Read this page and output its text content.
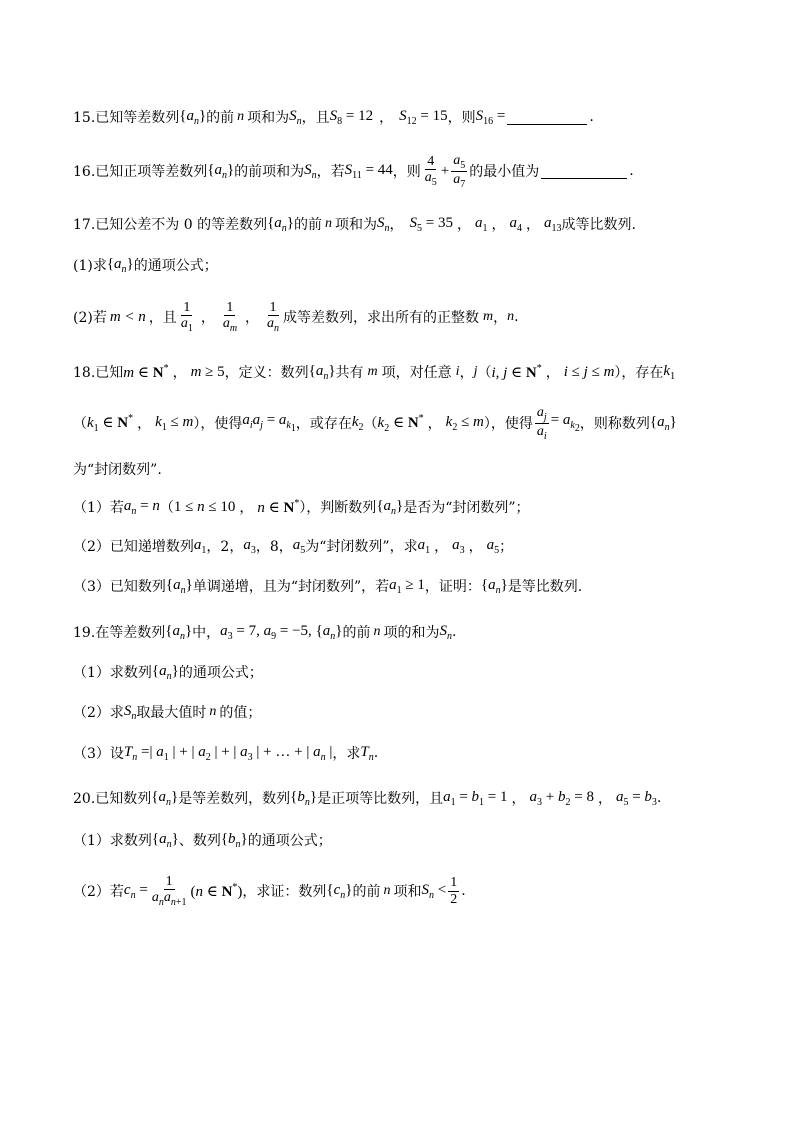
15.已知等差数列 $\{a_n\}$ 的前 n 项和为 $S_n$ ，且 $S_8 = 12$ ， $S_{12} = 15$ ，则 $S_{16}$ =	.
16.已知正项等差数列 $\{a_n\}$ 的前项和为 $S_n$ ，若 $S_{11} = 44$ ，则 $\frac{4}{a_5} + \frac{a_5}{a_7}$ 的最小值为	.
17.已知公差不为 0 的等差数列 $\{a_n\}$ 的前 n 项和为 $S_n$ ， $S_5 = 35$ ， $a_1$ ， $a_4$ ， $a_{13}$ 成等比数列.
(1)求 $\{a_n\}$ 的通项公式；
(2)若 m < n ，且 $\frac{1}{a_1}$ ， $\frac{1}{a_m}$ ， $\frac{1}{a_n}$ 成等差数列，求出所有的正整数 m ， n .
18.已知 m ∈ N* ， m ≥ 5 ，定义：数列 $\{a_n\}$ 共有 m 项，对任意 i ， j （ i, j ∈ N* ， i ≤ j ≤ m ），存在 $k_1$
（ $k_1$ ∈ N* ， $k_1 \le m$ ），使得 $a_ia_j = a_{k_1}$ ，或存在 $k_2$ （ $k_2$ ∈ N* ， $k_2 \le m$ ），使得 $\frac{a_j}{a_i} = a_{k_2}$ ，则称数列 $\{a_n\}$
为“封闭数列”.
（1）若 $a_n = n$ （ 1 ≤ n ≤ 10 ， n ∈ N* ），判断数列 $\{a_n\}$ 是否为“封闭数列”；
（2）已知递增数列 $a_1$ ，2， $a_3$ ，8， $a_5$ 为“封闭数列”，求 $a_1$ ， $a_3$ ， $a_5$ ；
（3）已知数列 $\{a_n\}$ 单调递增，且为“封闭数列”，若 $a_1 \ge 1$ ，证明： $\{a_n\}$ 是等比数列.
19.在等差数列 $\{a_n\}$ 中， $a_3 = 7$, $a_9 = -5$, $\{a_n\}$ 的前 n 项的和为 $S_n$ .
（1）求数列 $\{a_n\}$ 的通项公式；
（2）求 $S_n$ 取最大值时 n 的值；
（3）设 $T_n$ =| $a_1$ | + | $a_2$ | + | $a_3$ | + … + | $a_n$ | ，求 $T_n$ .
20.已知数列 $\{a_n\}$ 是等差数列，数列 $\{b_n\}$ 是正项等比数列，且 $a_1 = b_1 = 1$ ， $a_3 + b_2 = 8$ ， $a_5 = b_3$ .
（1）求数列 $\{a_n\}$ 、数列 $\{b_n\}$ 的通项公式；
（2）若 $c_n = \frac{1}{a_na_{n+1}} (n$ ∈ N*) ，求证：数列 $\{c_n\}$ 的前 n 项和 $S_n < \frac{1}{2}$ .
